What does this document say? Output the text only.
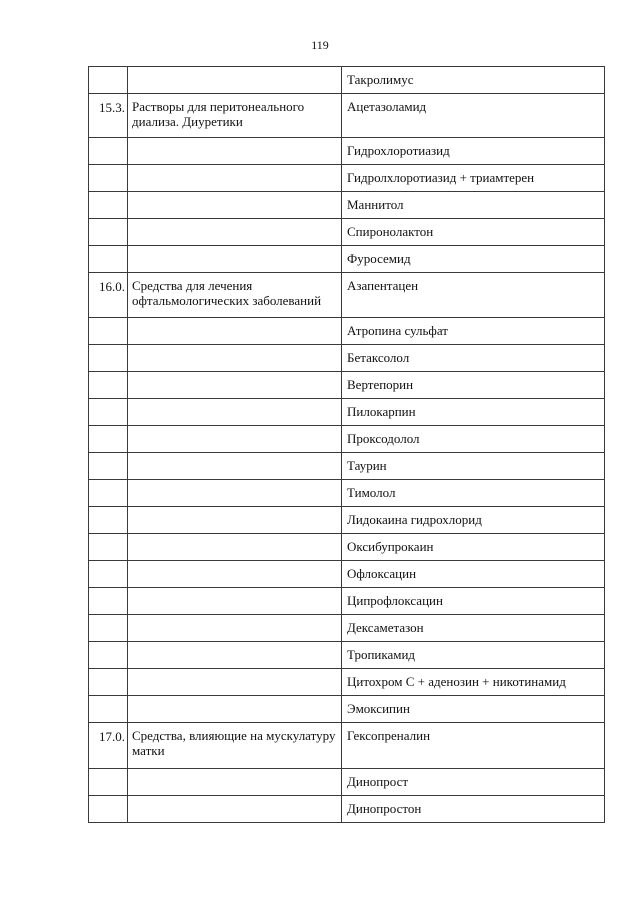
119

		Такролимус

15.3.	Растворы для перитонеального диализа. Диуретики	Ацетазоламид

		Гидрохлоротиазид

		Гидролхлоротиазид + триамтерен

		Маннитол

		Спиронолактон

		Фуросемид

16.0.	Средства для лечения офтальмологических заболеваний	Азапентацен

		Атропина сульфат

		Бетаксолол

		Вертепорин

		Пилокарпин

		Проксодолол

		Таурин

		Тимолол

		Лидокаина гидрохлорид

		Оксибупрокаин

		Офлоксацин

		Ципрофлоксацин

		Дексаметазон

		Тропикамид

		Цитохром С + аденозин + никотинамид

		Эмоксипин

17.0.	Средства, влияющие на мускулатуру матки	Гексопреналин

		Динопрост

		Динопростон
